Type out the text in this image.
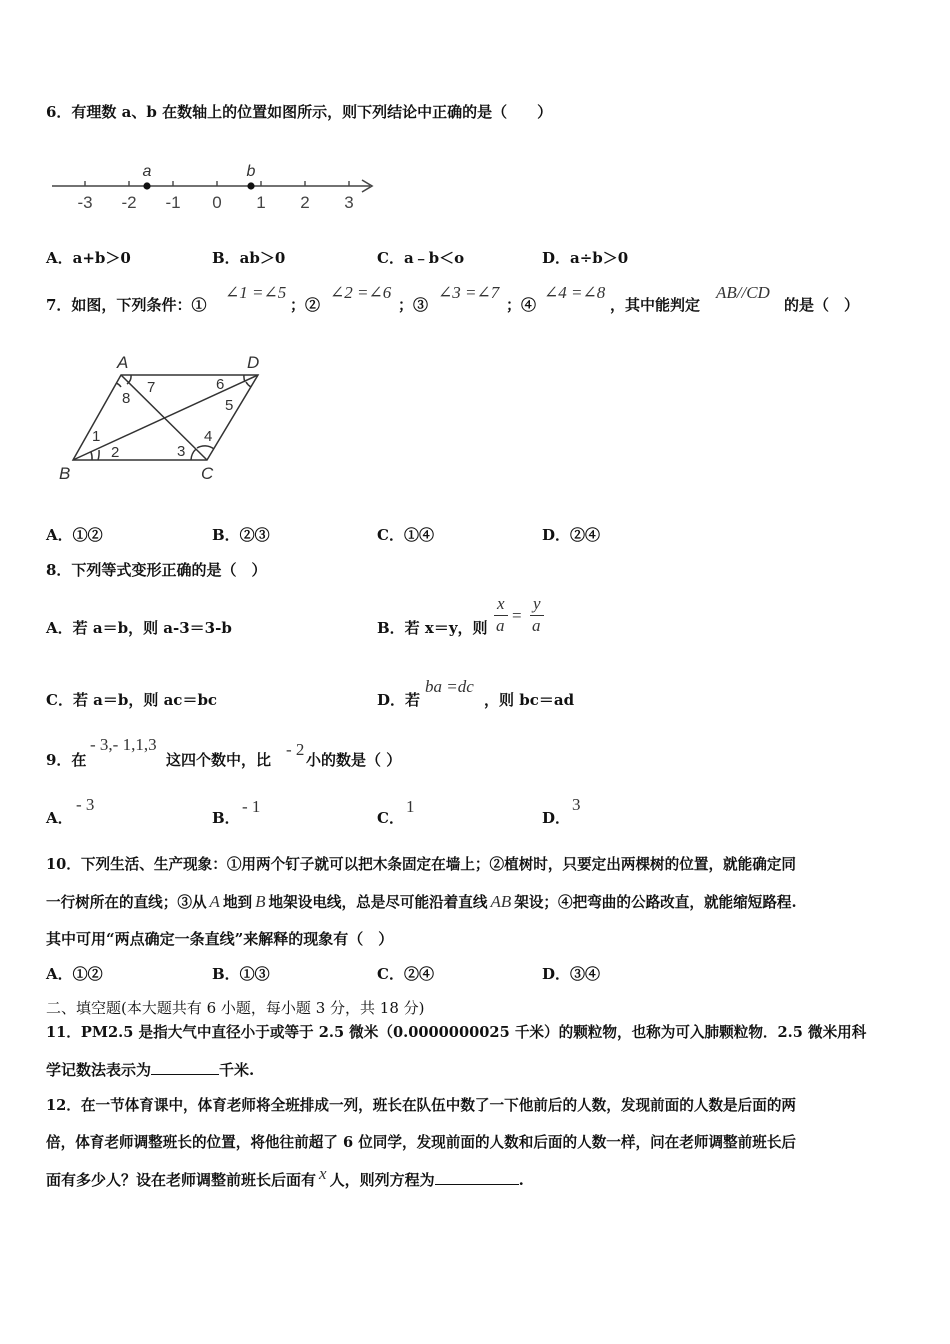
6．有理数 a、b 在数轴上的位置如图所示，则下列结论中正确的是（　　）
a	b
-3 -2 -1 0 1 2 3
A．a+b＞0	B．ab＞0	C．a﹣b＜o	D．a÷b＞0
7．如图，下列条件：①
∠1 =∠5
；②
∠2 =∠6
；③
∠3 =∠7
；④
∠4 =∠8
，其中能判定
AB//CD
的是（　）
A	D
B	C
1
2	3
4
5
6
7
8
A．①②	B．②③	C．①④	D．②④
8．下列等式变形正确的是（　）
A．若 a＝b，则 a-3＝3-b	B．若 x＝y，则
x
a
=
y
a
C．若 a＝b，则 ac＝bc	D．若
ba =dc
，则 bc＝ad
9．在
- 3,- 1,1,3
这四个数中，比
- 2
小的数是（ ）
A．
- 3
B．
- 1
C．
1
D．
3
10．下列生活、生产现象：①用两个钉子就可以把木条固定在墙上；②植树时，只要定出两棵树的位置，就能确定同
一行树所在的直线；③从 A 地到 B 地架设电线，总是尽可能沿着直线 AB 架设；④把弯曲的公路改直，就能缩短路程.
其中可用“两点确定一条直线”来解释的现象有（　）
A．①②	B．①③	C．②④	D．③④
二、填空题(本大题共有 6 小题，每小题 3 分，共 18 分)
11．PM2.5 是指大气中直径小于或等于 2.5 微米（0.0000000025 千米）的颗粒物，也称为可入肺颗粒物．2.5 微米用科
学记数法表示为	千米.
12．在一节体育课中，体育老师将全班排成一列，班长在队伍中数了一下他前后的人数，发现前面的人数是后面的两
倍，体育老师调整班长的位置，将他往前超了 6 位同学，发现前面的人数和后面的人数一样，问在老师调整前班长后
面有多少人？设在老师调整前班长后面有 x 人，则列方程为	.
